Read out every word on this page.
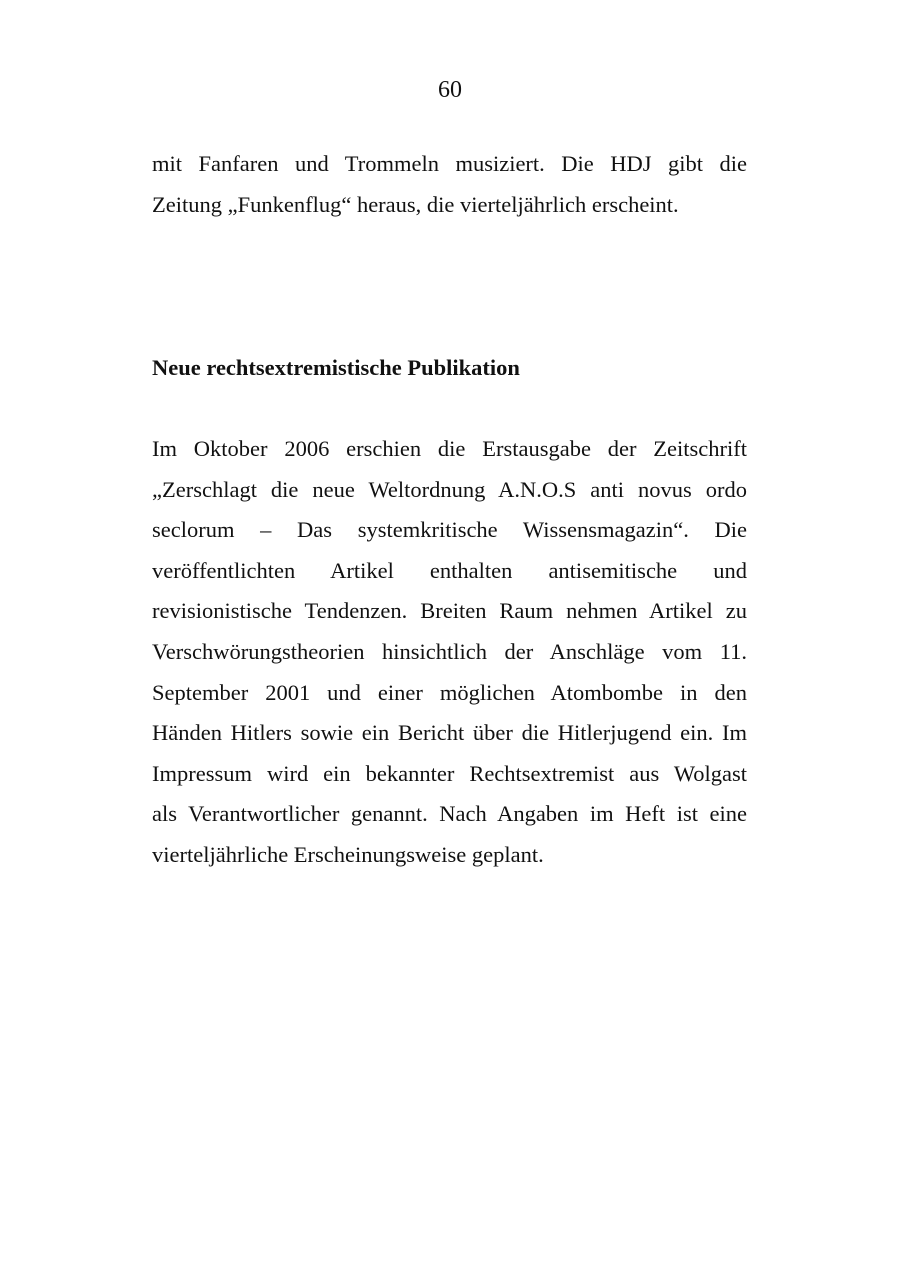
60
mit Fanfaren und Trommeln musiziert. Die HDJ gibt die
Zeitung „Funkenflug“ heraus, die vierteljährlich erscheint.
Neue rechtsextremistische Publikation
Im Oktober 2006 erschien die Erstausgabe der Zeitschrift
„Zerschlagt die neue Weltordnung A.N.O.S anti novus ordo
seclorum – Das systemkritische Wissensmagazin“. Die
veröffentlichten Artikel enthalten antisemitische und
revisionistische Tendenzen. Breiten Raum nehmen Artikel zu
Verschwörungstheorien hinsichtlich der Anschläge vom 11.
September 2001 und einer möglichen Atombombe in den
Händen Hitlers sowie ein Bericht über die Hitlerjugend ein. Im
Impressum wird ein bekannter Rechtsextremist aus Wolgast
als Verantwortlicher genannt. Nach Angaben im Heft ist eine
vierteljährliche Erscheinungsweise geplant.
